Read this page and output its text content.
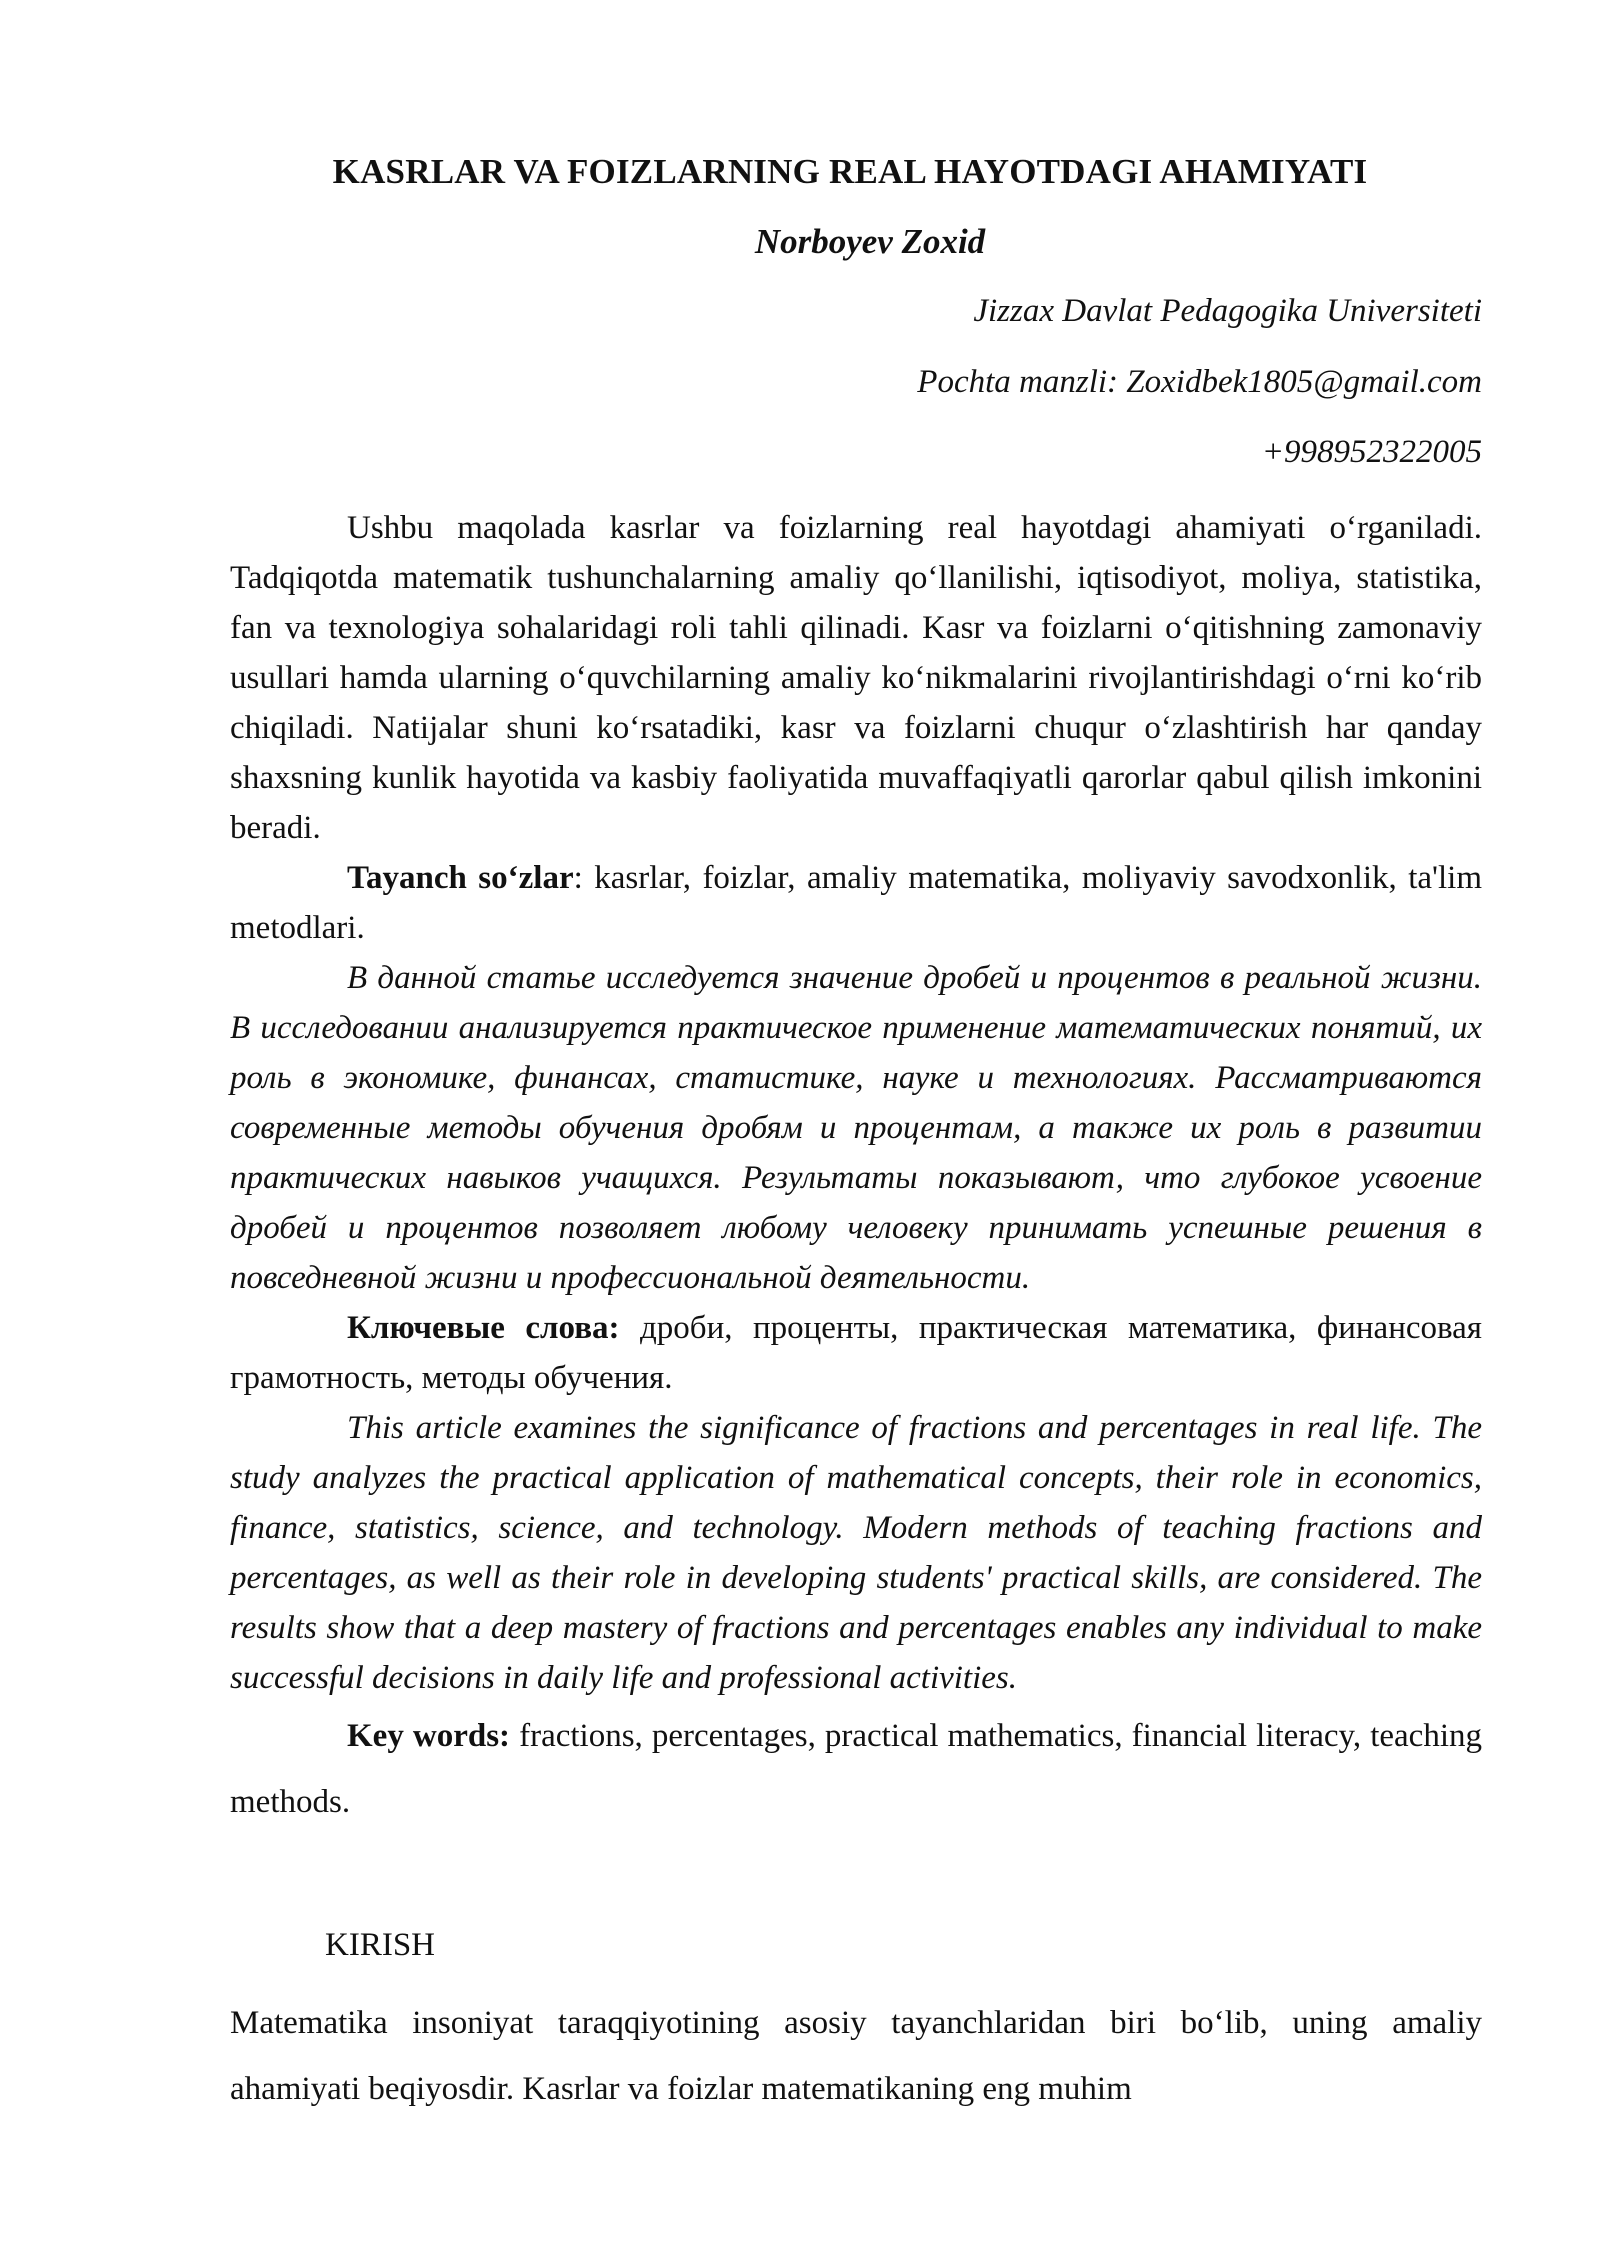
KASRLAR VA FOIZLARNING REAL HAYOTDAGI AHAMIYATI
Norboyev Zoxid
Jizzax Davlat Pedagogika Universiteti
Pochta manzli: Zoxidbek1805@gmail.com
+998952322005

Ushbu maqolada kasrlar va foizlarning real hayotdagi ahamiyati o‘rganiladi. Tadqiqotda matematik tushunchalarning amaliy qo‘llanilishi, iqtisodiyot, moliya, statistika, fan va texnologiya sohalaridagi roli tahli qilinadi. Kasr va foizlarni o‘qitishning zamonaviy usullari hamda ularning o‘quvchilarning amaliy ko‘nikmalarini rivojlantirishdagi o‘rni ko‘rib chiqiladi. Natijalar shuni ko‘rsatadiki, kasr va foizlarni chuqur o‘zlashtirish har qanday shaxsning kunlik hayotida va kasbiy faoliyatida muvaffaqiyatli qarorlar qabul qilish imkonini beradi.

Tayanch so‘zlar: kasrlar, foizlar, amaliy matematika, moliyaviy savodxonlik, ta'lim metodlari.

В данной статье исследуется значение дробей и процентов в реальной жизни. В исследовании анализируется практическое применение математических понятий, их роль в экономике, финансах, статистике, науке и технологиях. Рассматриваются современные методы обучения дробям и процентам, а также их роль в развитии практических навыков учащихся. Результаты показывают, что глубокое усвоение дробей и процентов позволяет любому человеку принимать успешные решения в повседневной жизни и профессиональной деятельности.

Ключевые слова: дроби, проценты, практическая математика, финансовая грамотность, методы обучения.

This article examines the significance of fractions and percentages in real life. The study analyzes the practical application of mathematical concepts, their role in economics, finance, statistics, science, and technology. Modern methods of teaching fractions and percentages, as well as their role in developing students' practical skills, are considered. The results show that a deep mastery of fractions and percentages enables any individual to make successful decisions in daily life and professional activities.

Key words: fractions, percentages, practical mathematics, financial literacy, teaching methods.

KIRISH
Matematika insoniyat taraqqiyotining asosiy tayanchlaridan biri bo‘lib, uning amaliy ahamiyati beqiyosdir. Kasrlar va foizlar matematikaning eng muhim
